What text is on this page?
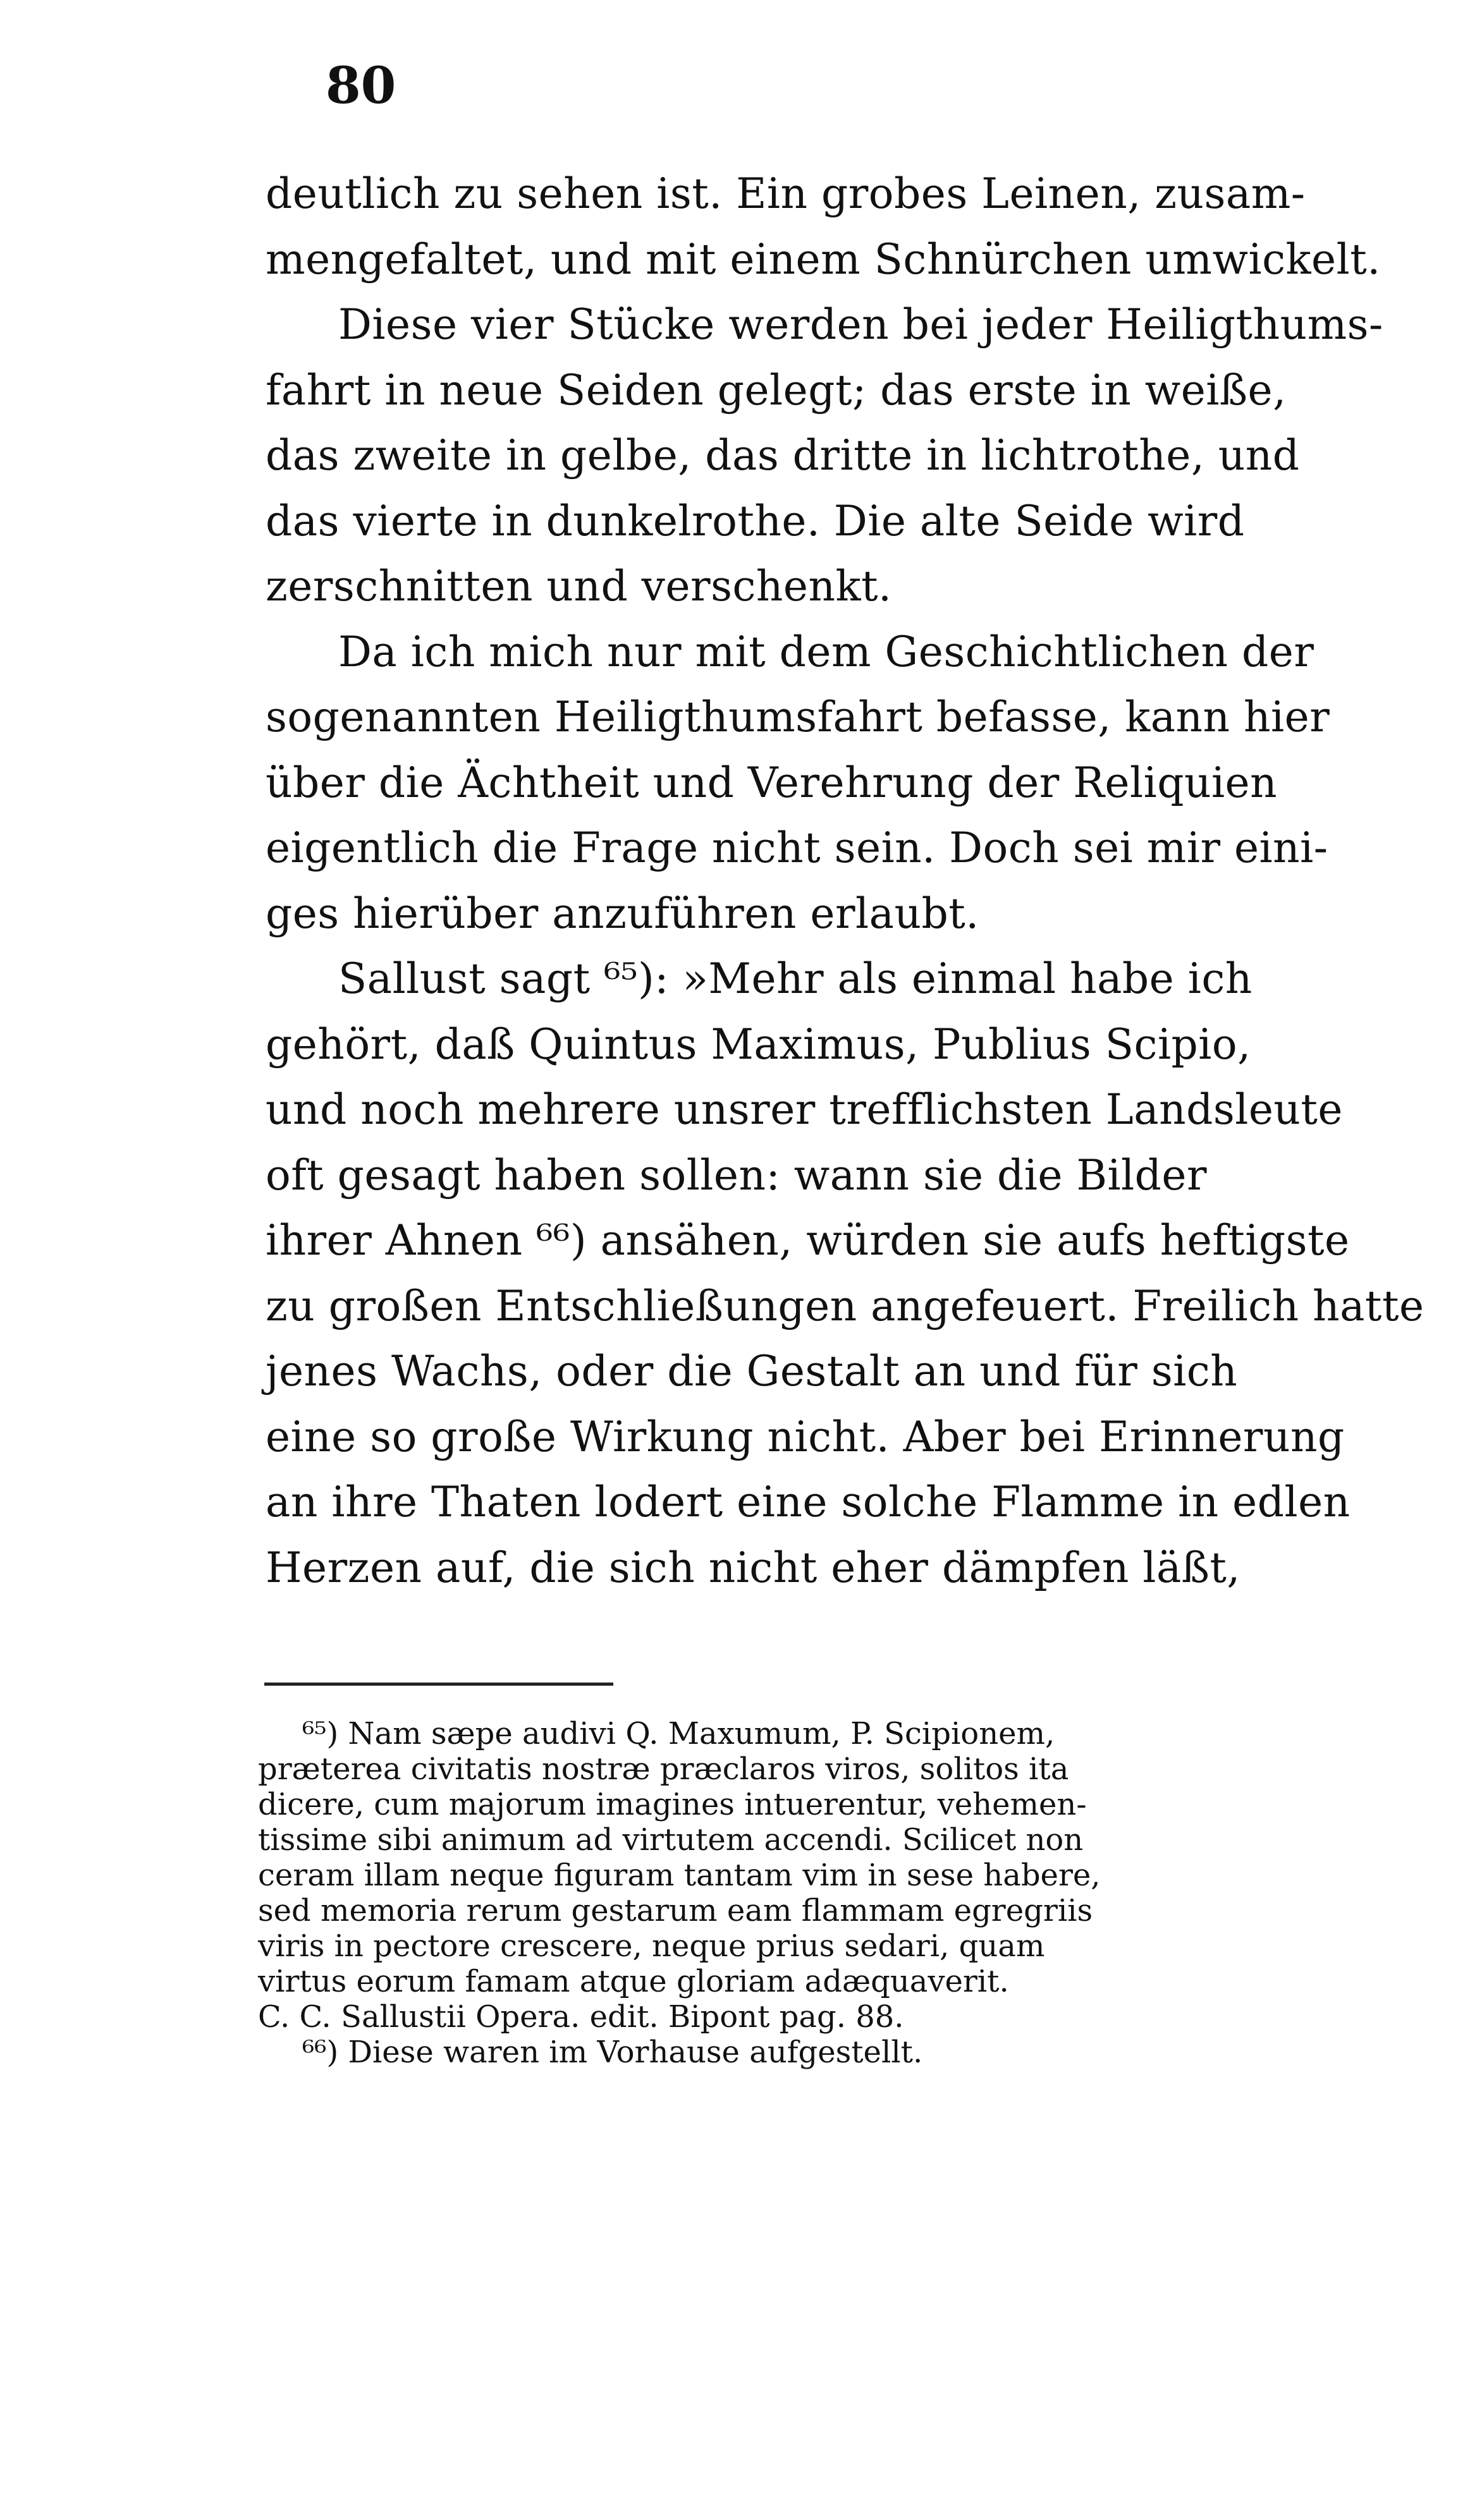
80
deutlich zu sehen ist. Ein grobes Leinen, zusam-
mengefaltet, und mit einem Schnürchen umwickelt.
Diese vier Stücke werden bei jeder Heiligthums-
fahrt in neue Seiden gelegt; das erste in weiße,
das zweite in gelbe, das dritte in lichtrothe, und
das vierte in dunkelrothe. Die alte Seide wird
zerschnitten und verschenkt.
Da ich mich nur mit dem Geschichtlichen der
sogenannten Heiligthumsfahrt befasse, kann hier
über die Ächtheit und Verehrung der Reliquien
eigentlich die Frage nicht sein. Doch sei mir eini-
ges hierüber anzuführen erlaubt.
Sallust sagt ⁶⁵): »Mehr als einmal habe ich
gehört, daß Quintus Maximus, Publius Scipio,
und noch mehrere unsrer trefflichsten Landsleute
oft gesagt haben sollen: wann sie die Bilder
ihrer Ahnen ⁶⁶) ansähen, würden sie aufs heftigste
zu großen Entschließungen angefeuert. Freilich hatte
jenes Wachs, oder die Gestalt an und für sich
eine so große Wirkung nicht. Aber bei Erinnerung
an ihre Thaten lodert eine solche Flamme in edlen
Herzen auf, die sich nicht eher dämpfen läßt,
⁶⁵) Nam sæpe audivi Q. Maxumum, P. Scipionem,
præterea civitatis nostræ præclaros viros, solitos ita
dicere, cum majorum imagines intuerentur, vehemen-
tissime sibi animum ad virtutem accendi. Scilicet non
ceram illam neque figuram tantam vim in sese habere,
sed memoria rerum gestarum eam flammam egregriis
viris in pectore crescere, neque prius sedari, quam
virtus eorum famam atque gloriam adæquaverit.
C. C. Sallustii Opera. edit. Bipont pag. 88.
⁶⁶) Diese waren im Vorhause aufgestellt.
